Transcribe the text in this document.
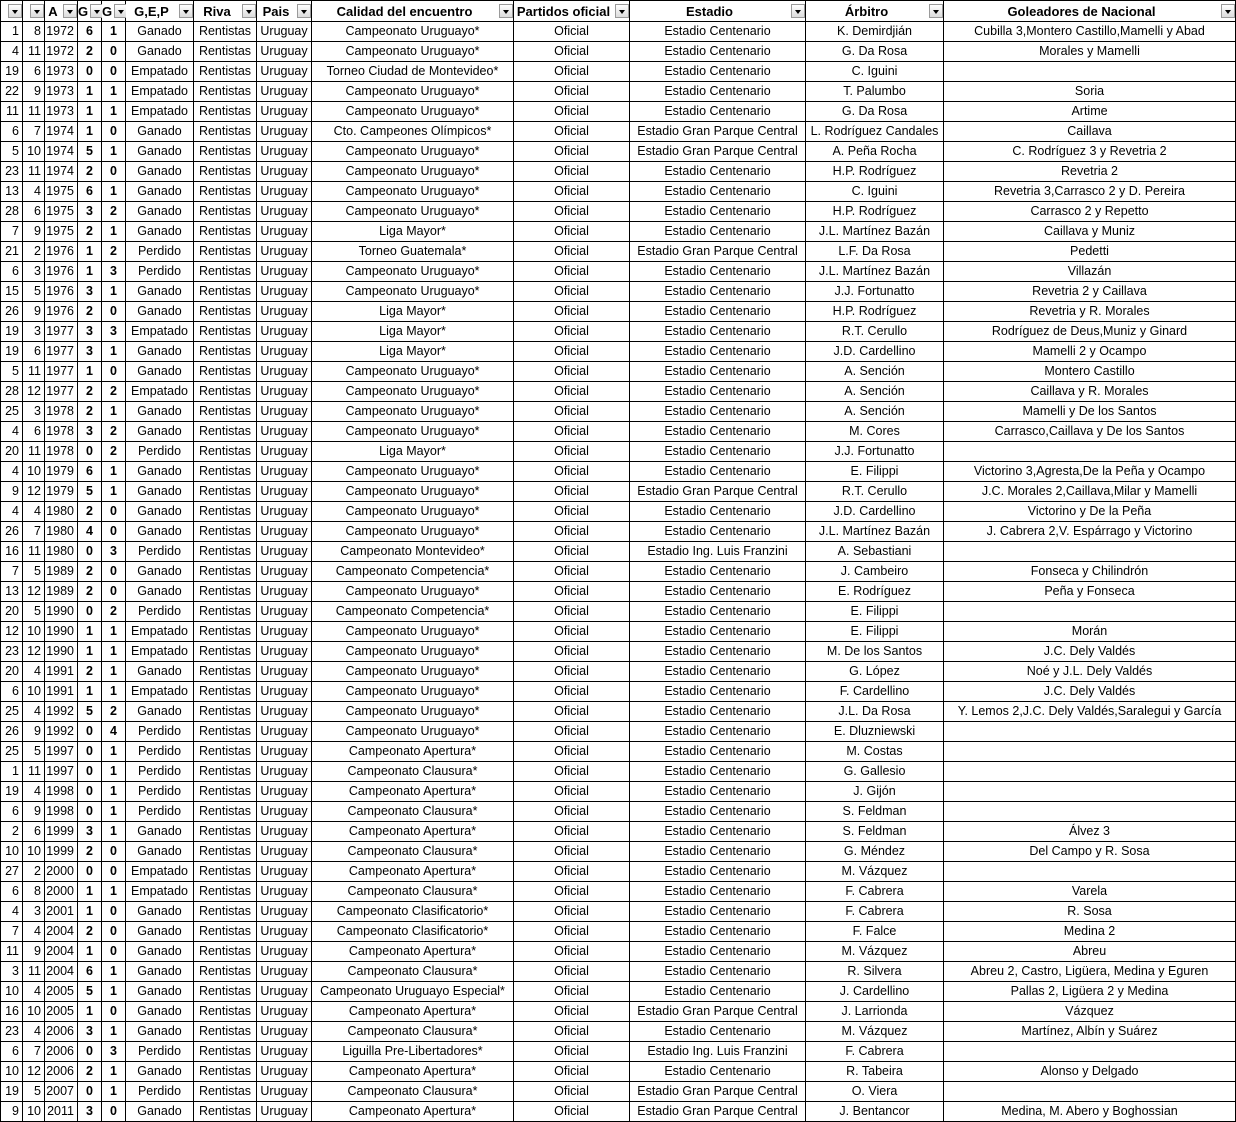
		A	G	G	G,E,P	Riva	Pais	Calidad del encuentro	Partidos oficial	Estadio	Árbitro	Goleadores de Nacional

1	8	1972	6	1	Ganado	Rentistas	Uruguay	Campeonato Uruguayo*	Oficial	Estadio Centenario	K. Demirdjián	Cubilla 3,Montero Castillo,Mamelli y Abad
4	11	1972	2	0	Ganado	Rentistas	Uruguay	Campeonato Uruguayo*	Oficial	Estadio Centenario	G. Da Rosa	Morales y Mamelli
19	6	1973	0	0	Empatado	Rentistas	Uruguay	Torneo Ciudad de Montevideo*	Oficial	Estadio Centenario	C. Iguini	
22	9	1973	1	1	Empatado	Rentistas	Uruguay	Campeonato Uruguayo*	Oficial	Estadio Centenario	T. Palumbo	Soria
11	11	1973	1	1	Empatado	Rentistas	Uruguay	Campeonato Uruguayo*	Oficial	Estadio Centenario	G. Da Rosa	Artime
6	7	1974	1	0	Ganado	Rentistas	Uruguay	Cto. Campeones Olímpicos*	Oficial	Estadio Gran Parque Central	L. Rodríguez Candales	Caillava
5	10	1974	5	1	Ganado	Rentistas	Uruguay	Campeonato Uruguayo*	Oficial	Estadio Gran Parque Central	A. Peña Rocha	C. Rodríguez 3 y Revetria 2
23	11	1974	2	0	Ganado	Rentistas	Uruguay	Campeonato Uruguayo*	Oficial	Estadio Centenario	H.P. Rodríguez	Revetria 2
13	4	1975	6	1	Ganado	Rentistas	Uruguay	Campeonato Uruguayo*	Oficial	Estadio Centenario	C. Iguini	Revetria 3,Carrasco 2 y D. Pereira
28	6	1975	3	2	Ganado	Rentistas	Uruguay	Campeonato Uruguayo*	Oficial	Estadio Centenario	H.P. Rodríguez	Carrasco 2 y Repetto
7	9	1975	2	1	Ganado	Rentistas	Uruguay	Liga Mayor*	Oficial	Estadio Centenario	J.L. Martínez Bazán	Caillava y Muniz
21	2	1976	1	2	Perdido	Rentistas	Uruguay	Torneo Guatemala*	Oficial	Estadio Gran Parque Central	L.F. Da Rosa	Pedetti
6	3	1976	1	3	Perdido	Rentistas	Uruguay	Campeonato Uruguayo*	Oficial	Estadio Centenario	J.L. Martínez Bazán	Villazán
15	5	1976	3	1	Ganado	Rentistas	Uruguay	Campeonato Uruguayo*	Oficial	Estadio Centenario	J.J. Fortunatto	Revetria 2 y Caillava
26	9	1976	2	0	Ganado	Rentistas	Uruguay	Liga Mayor*	Oficial	Estadio Centenario	H.P. Rodríguez	Revetria y R. Morales
19	3	1977	3	3	Empatado	Rentistas	Uruguay	Liga Mayor*	Oficial	Estadio Centenario	R.T. Cerullo	Rodríguez de Deus,Muniz y Ginard
19	6	1977	3	1	Ganado	Rentistas	Uruguay	Liga Mayor*	Oficial	Estadio Centenario	J.D. Cardellino	Mamelli 2 y Ocampo
5	11	1977	1	0	Ganado	Rentistas	Uruguay	Campeonato Uruguayo*	Oficial	Estadio Centenario	A. Sención	Montero Castillo
28	12	1977	2	2	Empatado	Rentistas	Uruguay	Campeonato Uruguayo*	Oficial	Estadio Centenario	A. Sención	Caillava y R. Morales
25	3	1978	2	1	Ganado	Rentistas	Uruguay	Campeonato Uruguayo*	Oficial	Estadio Centenario	A. Sención	Mamelli y De los Santos
4	6	1978	3	2	Ganado	Rentistas	Uruguay	Campeonato Uruguayo*	Oficial	Estadio Centenario	M. Cores	Carrasco,Caillava y De los Santos
20	11	1978	0	2	Perdido	Rentistas	Uruguay	Liga Mayor*	Oficial	Estadio Centenario	J.J. Fortunatto	
4	10	1979	6	1	Ganado	Rentistas	Uruguay	Campeonato Uruguayo*	Oficial	Estadio Centenario	E. Filippi	Victorino 3,Agresta,De la Peña y Ocampo
9	12	1979	5	1	Ganado	Rentistas	Uruguay	Campeonato Uruguayo*	Oficial	Estadio Gran Parque Central	R.T. Cerullo	J.C. Morales 2,Caillava,Milar y Mamelli
4	4	1980	2	0	Ganado	Rentistas	Uruguay	Campeonato Uruguayo*	Oficial	Estadio Centenario	J.D. Cardellino	Victorino y De la Peña
26	7	1980	4	0	Ganado	Rentistas	Uruguay	Campeonato Uruguayo*	Oficial	Estadio Centenario	J.L. Martínez Bazán	J. Cabrera 2,V. Espárrago y Victorino
16	11	1980	0	3	Perdido	Rentistas	Uruguay	Campeonato Montevideo*	Oficial	Estadio Ing. Luis Franzini	A. Sebastiani	
7	5	1989	2	0	Ganado	Rentistas	Uruguay	Campeonato Competencia*	Oficial	Estadio Centenario	J. Cambeiro	Fonseca y Chilindrón
13	12	1989	2	0	Ganado	Rentistas	Uruguay	Campeonato Uruguayo*	Oficial	Estadio Centenario	E. Rodríguez	Peña y Fonseca
20	5	1990	0	2	Perdido	Rentistas	Uruguay	Campeonato Competencia*	Oficial	Estadio Centenario	E. Filippi	
12	10	1990	1	1	Empatado	Rentistas	Uruguay	Campeonato Uruguayo*	Oficial	Estadio Centenario	E. Filippi	Morán
23	12	1990	1	1	Empatado	Rentistas	Uruguay	Campeonato Uruguayo*	Oficial	Estadio Centenario	M. De los Santos	J.C. Dely Valdés
20	4	1991	2	1	Ganado	Rentistas	Uruguay	Campeonato Uruguayo*	Oficial	Estadio Centenario	G. López	Noé y J.L. Dely Valdés
6	10	1991	1	1	Empatado	Rentistas	Uruguay	Campeonato Uruguayo*	Oficial	Estadio Centenario	F. Cardellino	J.C. Dely Valdés
25	4	1992	5	2	Ganado	Rentistas	Uruguay	Campeonato Uruguayo*	Oficial	Estadio Centenario	J.L. Da Rosa	Y. Lemos 2,J.C. Dely Valdés,Saralegui y García
26	9	1992	0	4	Perdido	Rentistas	Uruguay	Campeonato Uruguayo*	Oficial	Estadio Centenario	E. Dluzniewski	
25	5	1997	0	1	Perdido	Rentistas	Uruguay	Campeonato Apertura*	Oficial	Estadio Centenario	M. Costas	
1	11	1997	0	1	Perdido	Rentistas	Uruguay	Campeonato Clausura*	Oficial	Estadio Centenario	G. Gallesio	
19	4	1998	0	1	Perdido	Rentistas	Uruguay	Campeonato Apertura*	Oficial	Estadio Centenario	J. Gijón	
6	9	1998	0	1	Perdido	Rentistas	Uruguay	Campeonato Clausura*	Oficial	Estadio Centenario	S. Feldman	
2	6	1999	3	1	Ganado	Rentistas	Uruguay	Campeonato Apertura*	Oficial	Estadio Centenario	S. Feldman	Álvez 3
10	10	1999	2	0	Ganado	Rentistas	Uruguay	Campeonato Clausura*	Oficial	Estadio Centenario	G. Méndez	Del Campo y R. Sosa
27	2	2000	0	0	Empatado	Rentistas	Uruguay	Campeonato Apertura*	Oficial	Estadio Centenario	M. Vázquez	
6	8	2000	1	1	Empatado	Rentistas	Uruguay	Campeonato Clausura*	Oficial	Estadio Centenario	F. Cabrera	Varela
4	3	2001	1	0	Ganado	Rentistas	Uruguay	Campeonato Clasificatorio*	Oficial	Estadio Centenario	F. Cabrera	R. Sosa
7	4	2004	2	0	Ganado	Rentistas	Uruguay	Campeonato Clasificatorio*	Oficial	Estadio Centenario	F. Falce	Medina 2
11	9	2004	1	0	Ganado	Rentistas	Uruguay	Campeonato Apertura*	Oficial	Estadio Centenario	M. Vázquez	Abreu
3	11	2004	6	1	Ganado	Rentistas	Uruguay	Campeonato Clausura*	Oficial	Estadio Centenario	R. Silvera	Abreu 2, Castro, Ligüera, Medina y Eguren
10	4	2005	5	1	Ganado	Rentistas	Uruguay	Campeonato Uruguayo Especial*	Oficial	Estadio Centenario	J. Cardellino	Pallas 2, Ligüera 2 y Medina
16	10	2005	1	0	Ganado	Rentistas	Uruguay	Campeonato Apertura*	Oficial	Estadio Gran Parque Central	J. Larrionda	Vázquez
23	4	2006	3	1	Ganado	Rentistas	Uruguay	Campeonato Clausura*	Oficial	Estadio Centenario	M. Vázquez	Martínez, Albín y Suárez
6	7	2006	0	3	Perdido	Rentistas	Uruguay	Liguilla Pre-Libertadores*	Oficial	Estadio Ing. Luis Franzini	F. Cabrera	
10	12	2006	2	1	Ganado	Rentistas	Uruguay	Campeonato Apertura*	Oficial	Estadio Centenario	R. Tabeira	Alonso y Delgado
19	5	2007	0	1	Perdido	Rentistas	Uruguay	Campeonato Clausura*	Oficial	Estadio Gran Parque Central	O. Viera	
9	10	2011	3	0	Ganado	Rentistas	Uruguay	Campeonato Apertura*	Oficial	Estadio Gran Parque Central	J. Bentancor	Medina, M. Abero y Boghossian
